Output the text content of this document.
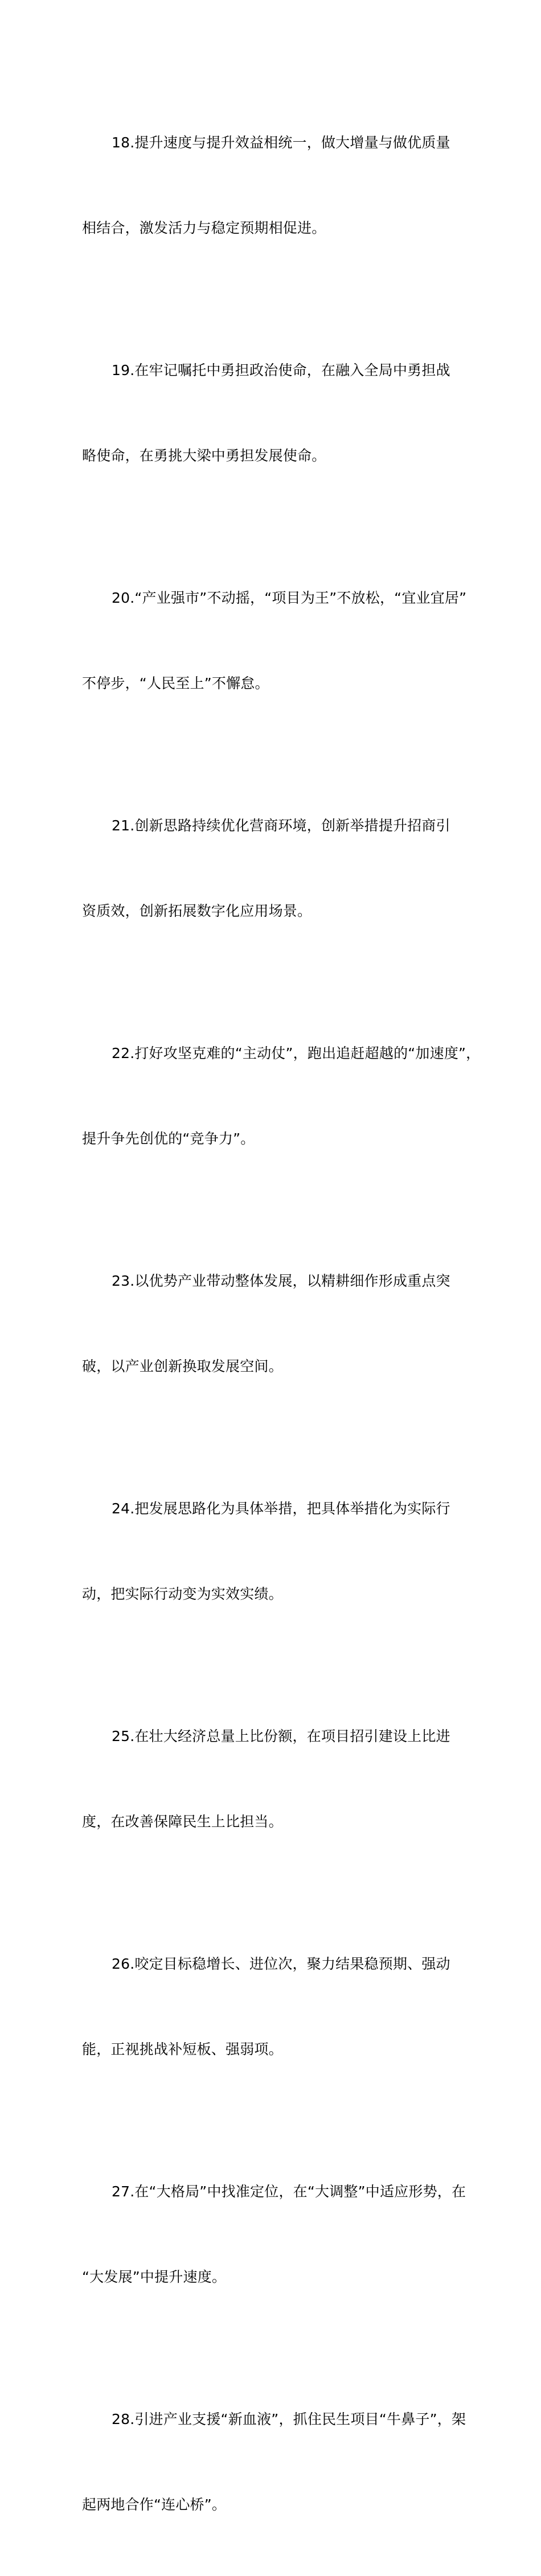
18.提升速度与提升效益相统一，做大增量与做优质量

相结合，激发活力与稳定预期相促进。

19.在牢记嘱托中勇担政治使命，在融入全局中勇担战

略使命，在勇挑大梁中勇担发展使命。

20.“产业强市”不动摇，“项目为王”不放松，“宜业宜居”

不停步，“人民至上”不懈怠。

21.创新思路持续优化营商环境，创新举措提升招商引

资质效，创新拓展数字化应用场景。

22.打好攻坚克难的“主动仗”，跑出追赶超越的“加速度”，

提升争先创优的“竞争力”。

23.以优势产业带动整体发展，以精耕细作形成重点突

破，以产业创新换取发展空间。

24.把发展思路化为具体举措，把具体举措化为实际行

动，把实际行动变为实效实绩。

25.在壮大经济总量上比份额，在项目招引建设上比进

度，在改善保障民生上比担当。

26.咬定目标稳增长、进位次，聚力结果稳预期、强动

能，正视挑战补短板、强弱项。

27.在“大格局”中找准定位，在“大调整”中适应形势，在

“大发展”中提升速度。

28.引进产业支援“新血液”，抓住民生项目“牛鼻子”，架

起两地合作“连心桥”。
